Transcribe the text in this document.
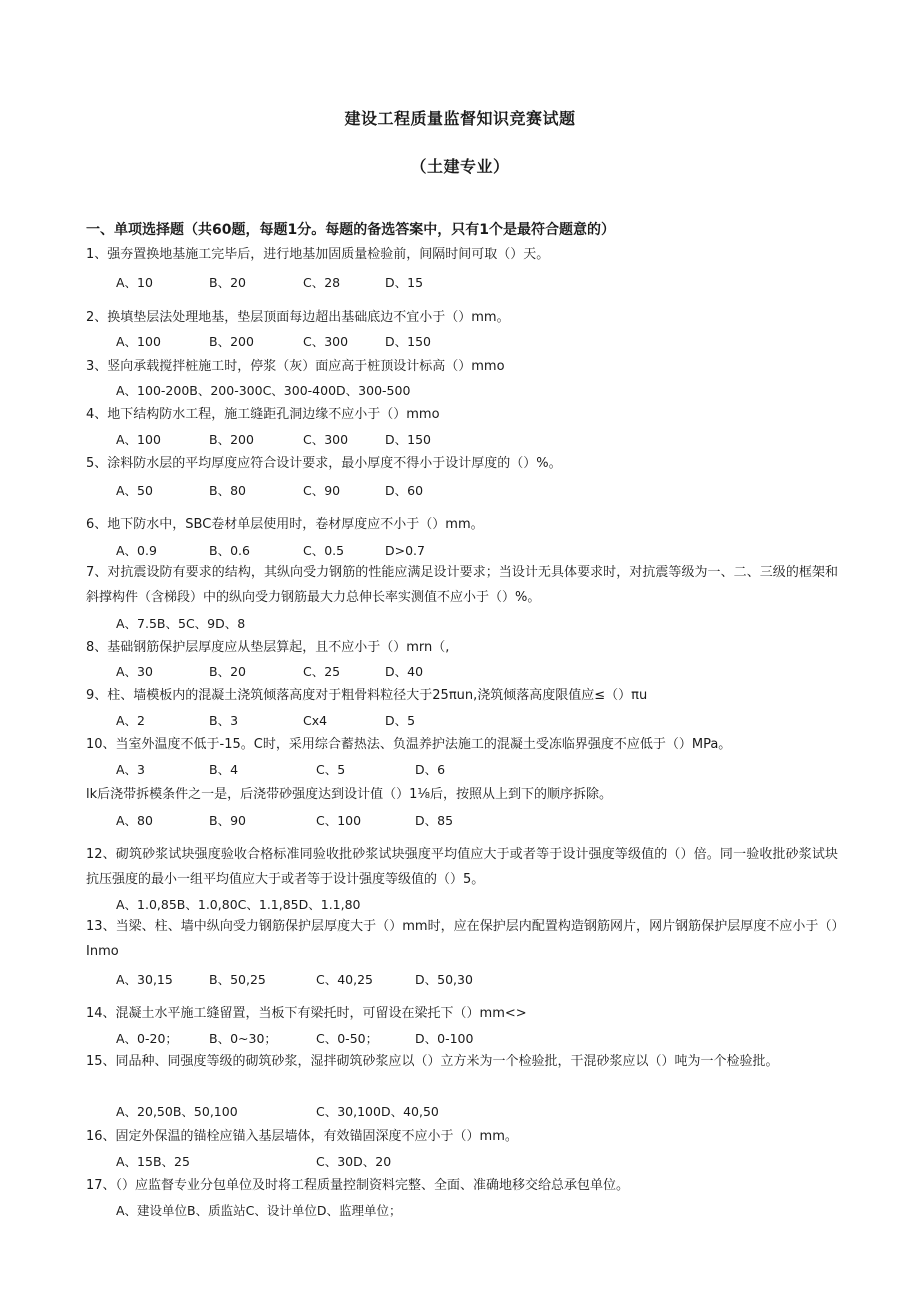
建设工程质量监督知识竞赛试题
（土建专业）
一、单项选择题（共60题，每题1分。每题的备选答案中，只有1个是最符合题意的）
1、强夯置换地基施工完毕后，进行地基加固质量检验前，间隔时间可取（）天。
A、10	B、20	C、28	D、15
2、换填垫层法处理地基，垫层顶面每边超出基础底边不宜小于（）mm。
A、100	B、200	C、300	D、150
3、竖向承载搅拌桩施工时，停浆（灰）面应高于桩顶设计标高（）mmo
A、100-200B、200-300C、300-400D、300-500
4、地下结构防水工程，施工缝距孔洞边缘不应小于（）mmo
A、100	B、200	C、300	D、150
5、涂料防水层的平均厚度应符合设计要求，最小厚度不得小于设计厚度的（）%。
A、50	B、80	C、90	D、60
6、地下防水中，SBC卷材单层使用时，卷材厚度应不小于（）mm。
A、0.9	B、0.6	C、0.5	D>0.7
7、对抗震设防有要求的结构，其纵向受力钢筋的性能应满足设计要求；当设计无具体要求时，对抗震等级为一、二、三级的框架和斜撑构件（含梯段）中的纵向受力钢筋最大力总伸长率实测值不应小于（）%。
A、7.5B、5C、9D、8
8、基础钢筋保护层厚度应从垫层算起，且不应小于（）mrn（,
A、30	B、20	C、25	D、40
9、柱、墙模板内的混凝土浇筑倾落高度对于粗骨料粒径大于25πun,浇筑倾落高度限值应≤（）πu
A、2	B、3	Cx4	D、5
10、当室外温度不低于-15。C时，采用综合蓄热法、负温养护法施工的混凝土受冻临界强度不应低于（）MPa。
A、3	B、4	C、5	D、6
lk后浇带拆模条件之一是，后浇带砂强度达到设计值（）1⅛后，按照从上到下的顺序拆除。
A、80	B、90	C、100	D、85
12、砌筑砂浆试块强度验收合格标准同验收批砂浆试块强度平均值应大于或者等于设计强度等级值的（）倍。同一验收批砂浆试块抗压强度的最小一组平均值应大于或者等于设计强度等级值的（）5。
A、1.0,85B、1.0,80C、1.1,85D、1.1,80
13、当梁、柱、墙中纵向受力钢筋保护层厚度大于（）mm时，应在保护层内配置构造钢筋网片，网片钢筋保护层厚度不应小于（）Inmo
A、30,15	B、50,25	C、40,25	D、50,30
14、混凝土水平施工缝留置，当板下有梁托时，可留设在梁托下（）mm<>
A、0-20； B、0~30；	C、0-50；	D、0-100
15、同品种、同强度等级的砌筑砂浆，湿拌砌筑砂浆应以（）立方米为一个检验批，干混砂浆应以（）吨为一个检验批。
A、20,50B、50,100	C、30,100D、40,50
16、固定外保温的锚栓应锚入基层墙体，有效锚固深度不应小于（）mm。
A、15B、25	C、30D、20
17、（）应监督专业分包单位及时将工程质量控制资料完整、全面、准确地移交给总承包单位。
A、建设单位B、质监站C、设计单位D、监理单位；
